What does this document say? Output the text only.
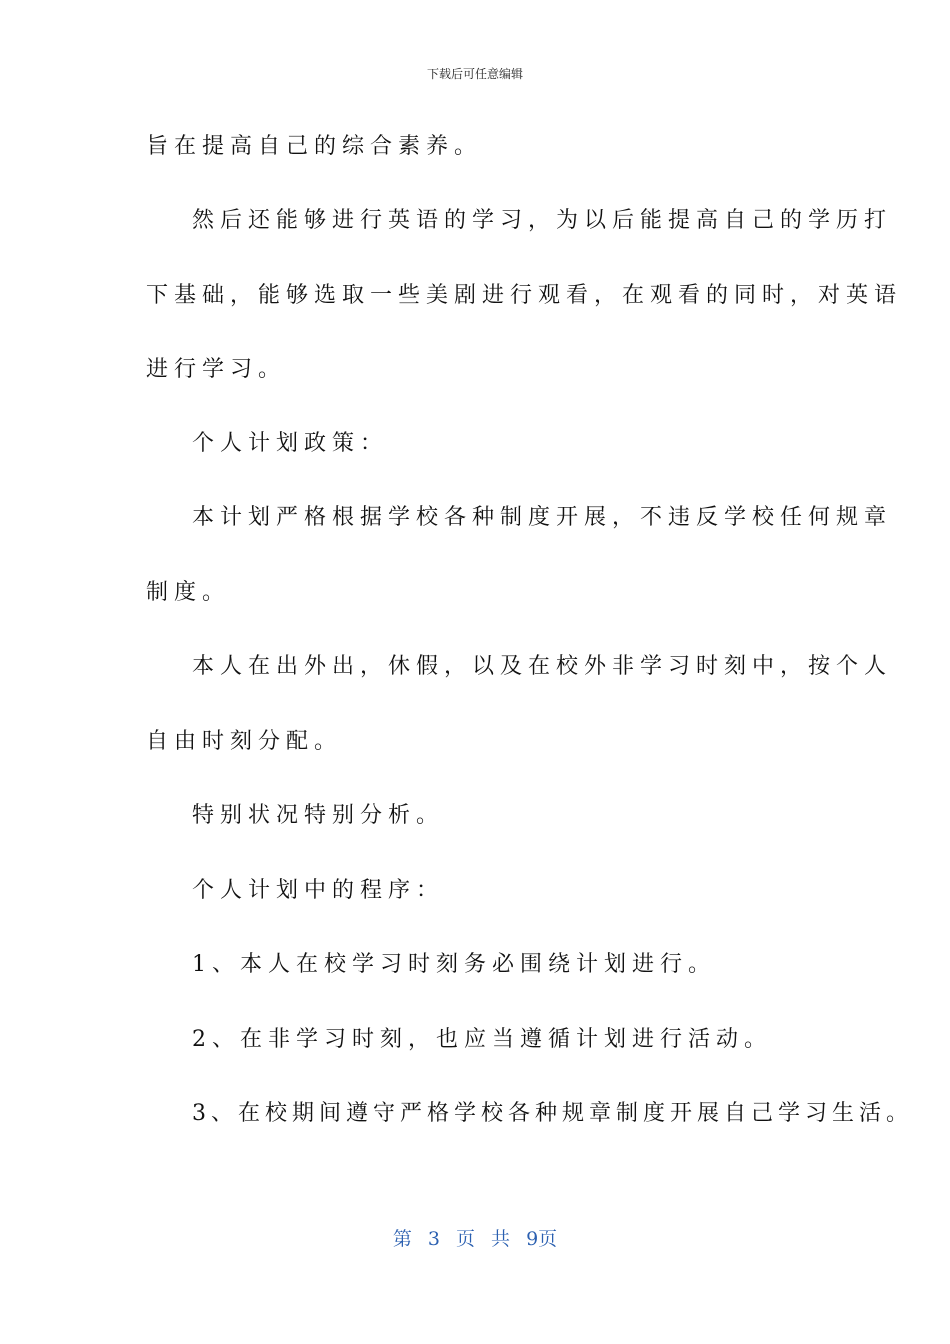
下载后可任意编辑
旨在提高自己的综合素养。
然后还能够进行英语的学习，为以后能提高自己的学历打
下基础，能够选取一些美剧进行观看，在观看的同时，对英语
进行学习。
个人计划政策：
本计划严格根据学校各种制度开展，不违反学校任何规章
制度。
本人在出外出，休假，以及在校外非学习时刻中，按个人
自由时刻分配。
特别状况特别分析。
个人计划中的程序：
1、本人在校学习时刻务必围绕计划进行。
2、在非学习时刻，也应当遵循计划进行活动。
3、在校期间遵守严格学校各种规章制度开展自己学习生活。
第 3 页 共 9页
